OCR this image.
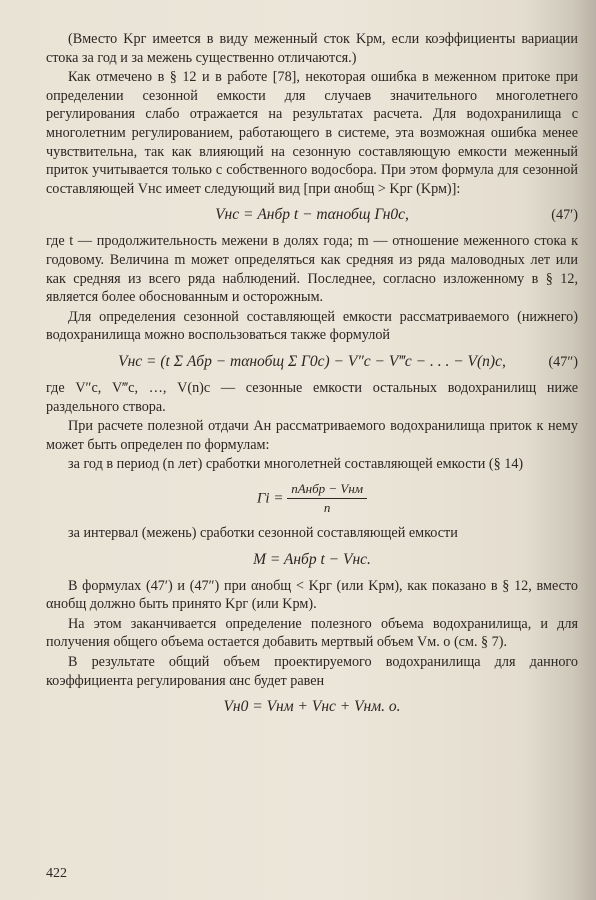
(Вместо Kрг имеется в виду меженный сток Kрм, если коэффициенты вариации стока за год и за межень существенно отличаются.)

Как отмечено в § 12 и в работе [78], некоторая ошибка в меженном притоке при определении сезонной емкости для случаев значительного многолетнего регулирования слабо отражается на результатах расчета. Для водохранилища с многолетним регулированием, работающего в системе, эта возможная ошибка менее чувствительна, так как влияющий на сезонную составляющую емкости меженный приток учитывается только с собственного водосбора. При этом формула для сезонной составляющей Vнс имеет следующий вид [при αнобщ > Kрг (Kрм)]:

Vнс = Aнбр t − mαнобщ Гн0с,	(47′)

где t — продолжительность межени в долях года; m — отношение меженного стока к годовому. Величина m может определяться как средняя из ряда маловодных лет или как средняя из всего ряда наблюдений. Последнее, согласно изложенному в § 12, является более обоснованным и осторожным.

Для определения сезонной составляющей емкости рассматриваемого (нижнего) водохранилища можно воспользоваться также формулой

Vнс = (t Σ Aбр − mαнобщ Σ Г0с) − V″с − V‴с − . . . − V(n)с,	(47″)

где V″с, V‴с, …, V(n)с — сезонные емкости остальных водохранилищ ниже раздельного створа.

При расчете полезной отдачи Aн рассматриваемого водохранилища приток к нему может быть определен по формулам:

за год в период (n лет) сработки многолетней составляющей емкости (§ 14)

Гi = $\frac{\text{nAнбр − Vнм}}{n}$

за интервал (межень) сработки сезонной составляющей емкости

M = Aнбр t − Vнс.

В формулах (47′) и (47″) при αнобщ < Kрг (или Kрм), как показано в § 12, вместо αнобщ должно быть принято Kрг (или Kрм).

На этом заканчивается определение полезного объема водохранилища, и для получения общего объема остается добавить мертвый объем Vм. о (см. § 7).

В результате общий объем проектируемого водохранилища для данного коэффициента регулирования αнс будет равен

Vн0 = Vнм + Vнс + Vнм. о.
422
